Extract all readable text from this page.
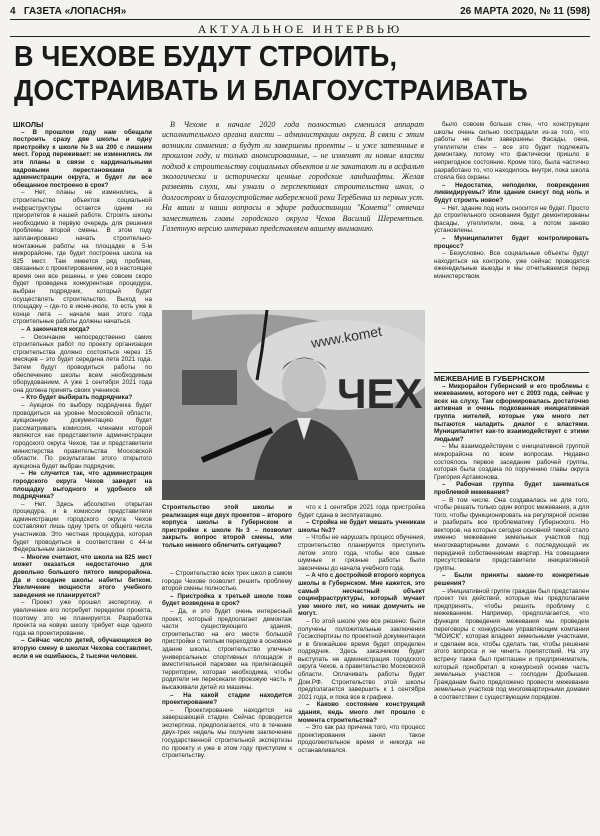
4 ГАЗЕТА «ЛОПАСНЯ»	26 МАРТА 2020, № 11 (598)
АКТУАЛЬНОЕ ИНТЕРВЬЮ
В ЧЕХОВЕ БУДУТ СТРОИТЬ, ДОСТРАИВАТЬ И БЛАГОУСТРАИВАТЬ

ШКОЛЫ

– В прошлом году нам обещали построить сразу две школы и одну пристройку к школе №3 на 200 с лишним мест. Город переживает: не изменились ли эти планы в связи с кардинальными кадровыми перестановками в администрации округа, и будет ли все обещанное построено в срок?

– Нет, планы не изменились, а строительство объектов социальной инфраструктуры остается одним из приоритетов в нашей работе. Строить школы необходимо в первую очередь для решения проблемы второй смены. В этом году запланировано начать строительно-монтажные работы на площадке в 5-м микрорайоне, где будет построена школа на 825 мест. Там имеется ряд проблем, связанных с проектированием, но в настоящее время они все решены, и уже совсем скоро будет проведена конкурентная процедура, выбран подрядчик, который будет осуществлять строительство. Выход на площадку – где-то в июне-июле, то есть уже в конце лета – начале мая этого года строительные работы должны начаться.

– А закончатся когда?

– Окончание непосредственно самих строительных работ по проекту организации строительства должно состояться через 15 месяцев – это будет середина лета 2021 года. Затем будут проводиться работы по обеспечению школы всем необходимым оборудованием. А уже 1 сентября 2021 года она должна принять своих учеников.

– Кто будет выбирать подрядчика?

– Аукцион по выбору подрядчика будет проводиться на уровне Московской области, аукционную документацию будет рассматривать комиссия, членами которой являются как представители администрации городского округа Чехов, так и представители министерства правительства Московской области. По результатам этого открытого аукциона будет выбран подрядчик.

– Не случится так, что администрация городского округа Чехов заведет на площадку выгодного и удобного ей подрядчика?

– Нет. Здесь абсолютно открытая процедура, и в комиссии представители администрации городского округа Чехов составляют лишь одну треть от общего числа участников. Это честная процедура, которая будет проводиться в соответствии с 44-м Федеральным законом.

– Многие считают, что школа на 825 мест может оказаться недостаточно для довольно большого пятого микрорайона. Да и соседние школы набиты битком. Увеличение мощности этого учебного заведения не планируется?

– Проект уже прошел экспертизу, и увеличение его потребует переделки проекта, поэтому это не планируется. Разработка проекта на новую школу требует еще одного года на проектирование.

– Сейчас число детей, обучающихся во вторую смену в школах Чехова составляет, если я не ошибаюсь, 2 тысячи человек.

В Чехове в начале 2020 года полностью сменился аппарат исполнительного органа власти – администрации округа. В связи с этим возникли сомнения: а будут ли завершены проекты – и уже затеянные в прошлом году, и только анонсированные, – не изменят ли новые власти подход к строительству социальных объектов и не закатают ли в асфальт экологически и исторически ценные городские ландшафты. Желая развеять слухи, мы узнали о перспективах строительства школ, о долгостроях и благоустройстве набережной реки Терёбенка из первых уст. На ваши и наши вопросы в эфире радиостанции "Комета" отвечал заместитель главы городского округа Чехов Василий Шереметьев. Газетную версию интервью представляем вашему вниманию.
www.komet
ЧЕХ
Строительство этой школы и реализация еще двух проектов – второго корпуса школы в Губернском и пристройки к школе №3 – позволит закрыть вопрос второй смены, или только немного облегчить ситуацию?

– Строительство всех трех школ в самом городе Чехове позволит решить проблему второй смены полностью.

– Пристройка к третьей школе тоже будет возведена в срок?

– Да, и это будет очень интересный проект, который предполагает демонтаж части существующего здания, строительство на его месте большой пристройки с теплым переходом в основное здание школы, строительство уличных универсальных спортивных площадок и вместительной парковки на прилегающей территории, которая необходима, чтобы родители не пересекали проезжую часть и высаживали детей из машины.

– На какой стадии находится проектирование?

– Проектирование находится на завершающей стадии. Сейчас проводится экспертиза, предполагается, что в течение двух-трех недель мы получим заключение государственной строительной экспертизы по проекту и уже в этом году приступим к строительству.

что к 1 сентября 2021 года пристройка будет сдана в эксплуатацию.

– Стройка не будет мешать ученикам школы №3?

– Чтобы не нарушать процесс обучения, строительство планируется приступить летом этого года, чтобы все самые шумные и грязные работы были закончены до начала учебного года.

– А что с достройкой второго корпуса школы в Губернском. Мне кажется, это самый несчастный объект социнфраструктуры, который мучает уже много лет, но никак домучить не могут.

– По этой школе уже все решено: были получены положительные заключения Госэкспертизы по проектной документации и в ближайшее время будет определен подрядчик. Здесь заказчиком будет выступать не администрация городского округа Чехов, а правительство Московской области. Оплачивать работы будет Дом.РФ. Строительство этой школы предполагается завершить к 1 сентября 2021 года, и пока все в графике.

– Каково состояние конструкций здания, ведь много лет прошло с момента строительства?

– Это как раз причина того, что процесс проектирования занял такое продолжительное время и никогда не останавливался.

было совсем больше стен, что конструкции школы очень сильно пострадали из-за того, что работы не были завершены. Фасады, окна, утеплители стен – все это будет подлежать демонтажу, потому что фактически пришло в непригодное состояние. Кроме того, была частично разработано то, что находилось внутри, пока школа стояла без охраны.

– Недостатки, неподелки, повреждения ликвидируемы? Или здание снесут под ноль и будут строить новое?

– Нет, здание под ноль сносится не будет. Просто до строительного основания будут демонтированы фасады, утеплители, окна, а потом заново установлены.

– Муниципалитет будет контролировать процесс?

– Безусловно. Все социальные объекты будут находиться на контроле, уже сейчас проводятся еженедельные выезды и мы отчитываемся перед министерством.

МЕЖЕВАНИЕ В ГУБЕРНСКОМ

– Микрорайон Губернский и его проблемы с межеванием, которого нет с 2003 года, сейчас у всех на слуху. Там сформировалась достаточно активная и очень подкованная инициативная группа жителей, которые уже много лет пытаются наладить диалог с властями. Муниципалитет как-то взаимодействует с этими людьми?

– Мы взаимодействуем с инициативной группой микрорайона по всем вопросам. Недавно состоялось первое заседание рабочей группы, которая была создана по поручению главы округа Григория Артамонова.

– Рабочая группа будет заниматься проблемой межевания?

– В том числе. Она создавалась не для того, чтобы решать только один вопрос межевания, а для того, чтобы функционировать на регулярной основе и разбирать все проблематику Губернского. Но векторов, на которых сегодня основной темой стало именно межевание земельных участков под многоквартирными домами с последующей их передачей собственникам квартир. На совещании присутствовали представители инициативной группы.

– Были приняты какие-то конкретные решения?

– Инициативной группе граждан был представлен проект тех действий, которые мы предполагаем предпринять, чтобы решить проблему с межеванием. Например, предполагается, что функции проведения межевания мы проведем переговоры с конкурсным управляющим компании "МОИСК", которая владеет земельными участками, и сделаем все, чтобы сделать так, чтобы решение этого вопроса и не чинить препятствий. На эту встречу также был приглашен и предприниматель, который приобретал в конкурсной основе часть земельных участков – господин Дробышев. Гражданам было предложено провести межевание земельных участков под многоквартирными домами в соответствии с существующим порядком.
